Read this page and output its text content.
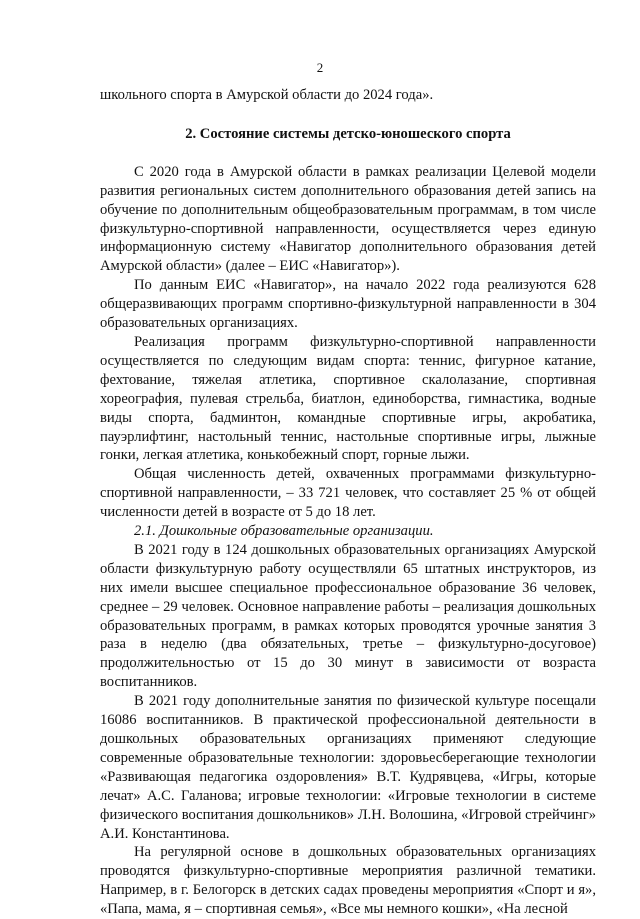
2

школьного спорта в Амурской области до 2024 года».

2. Состояние системы детско-юношеского спорта

С 2020 года в Амурской области в рамках реализации Целевой модели развития региональных систем дополнительного образования детей запись на обучение по дополнительным общеобразовательным программам, в том числе физкультурно-спортивной направленности, осуществляется через единую информационную систему «Навигатор дополнительного образования детей Амурской области» (далее – ЕИС «Навигатор»).

По данным ЕИС «Навигатор», на начало 2022 года реализуются 628 общеразвивающих программ спортивно-физкультурной направленности в 304 образовательных организациях.

Реализация программ физкультурно-спортивной направленности осуществляется по следующим видам спорта: теннис, фигурное катание, фехтование, тяжелая атлетика, спортивное скалолазание, спортивная хореография, пулевая стрельба, биатлон, единоборства, гимнастика, водные виды спорта, бадминтон, командные спортивные игры, акробатика, пауэрлифтинг, настольный теннис, настольные спортивные игры, лыжные гонки, легкая атлетика, конькобежный спорт, горные лыжи.

Общая численность детей, охваченных программами физкультурно-спортивной направленности, – 33 721 человек, что составляет 25 % от общей численности детей в возрасте от 5 до 18 лет.

2.1. Дошкольные образовательные организации.

В 2021 году в 124 дошкольных образовательных организациях Амурской области физкультурную работу осуществляли 65 штатных инструкторов, из них имели высшее специальное профессиональное образование 36 человек, среднее – 29 человек. Основное направление работы – реализация дошкольных образовательных программ, в рамках которых проводятся урочные занятия 3 раза в неделю (два обязательных, третье – физкультурно-досуговое) продолжительностью от 15 до 30 минут в зависимости от возраста воспитанников.

В 2021 году дополнительные занятия по физической культуре посещали 16086 воспитанников. В практической профессиональной деятельности в дошкольных образовательных организациях применяют следующие современные образовательные технологии: здоровьесберегающие технологии «Развивающая педагогика оздоровления» В.Т. Кудрявцева, «Игры, которые лечат» А.С. Галанова; игровые технологии: «Игровые технологии в системе физического воспитания дошкольников» Л.Н. Волошина, «Игровой стрейчинг» А.И. Константинова.

На регулярной основе в дошкольных образовательных организациях проводятся физкультурно-спортивные мероприятия различной тематики. Например, в г. Белогорск в детских садах проведены мероприятия «Спорт и я», «Папа, мама, я – спортивная семья», «Все мы немного кошки», «На лесной
